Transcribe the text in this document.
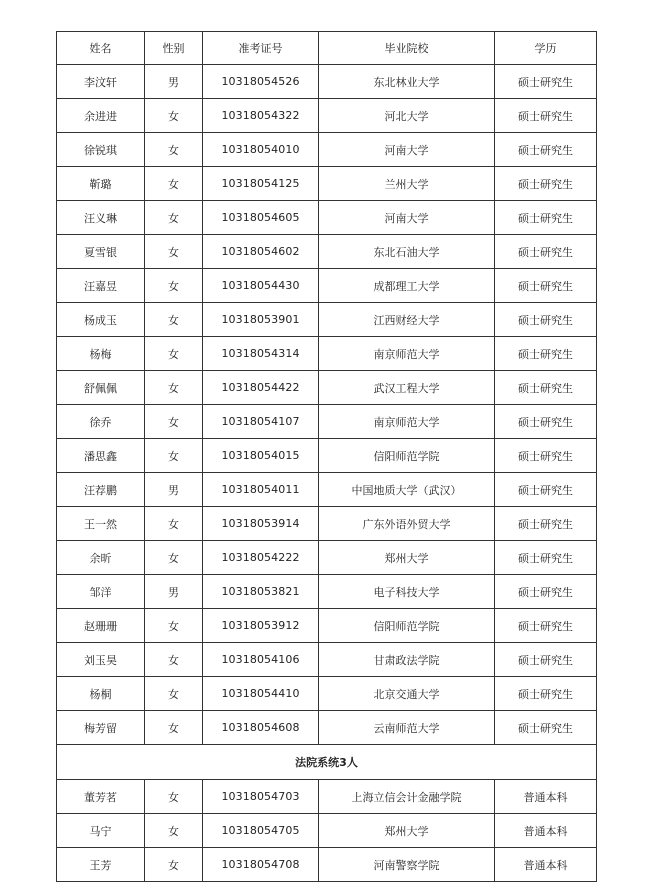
姓名	性别	准考证号	毕业院校	学历
李汶轩	男	10318054526	东北林业大学	硕士研究生
余进进	女	10318054322	河北大学	硕士研究生
徐锐琪	女	10318054010	河南大学	硕士研究生
靳璐	女	10318054125	兰州大学	硕士研究生
汪义琳	女	10318054605	河南大学	硕士研究生
夏雪银	女	10318054602	东北石油大学	硕士研究生
汪嘉昱	女	10318054430	成都理工大学	硕士研究生
杨成玉	女	10318053901	江西财经大学	硕士研究生
杨梅	女	10318054314	南京师范大学	硕士研究生
舒佩佩	女	10318054422	武汉工程大学	硕士研究生
徐乔	女	10318054107	南京师范大学	硕士研究生
潘思鑫	女	10318054015	信阳师范学院	硕士研究生
汪荐鹏	男	10318054011	中国地质大学（武汉）	硕士研究生
王一然	女	10318053914	广东外语外贸大学	硕士研究生
余昕	女	10318054222	郑州大学	硕士研究生
邹洋	男	10318053821	电子科技大学	硕士研究生
赵珊珊	女	10318053912	信阳师范学院	硕士研究生
刘玉昊	女	10318054106	甘肃政法学院	硕士研究生
杨桐	女	10318054410	北京交通大学	硕士研究生
梅芳留	女	10318054608	云南师范大学	硕士研究生
法院系统3人				
董芳茗	女	10318054703	上海立信会计金融学院	普通本科
马宁	女	10318054705	郑州大学	普通本科
王芳	女	10318054708	河南警察学院	普通本科
